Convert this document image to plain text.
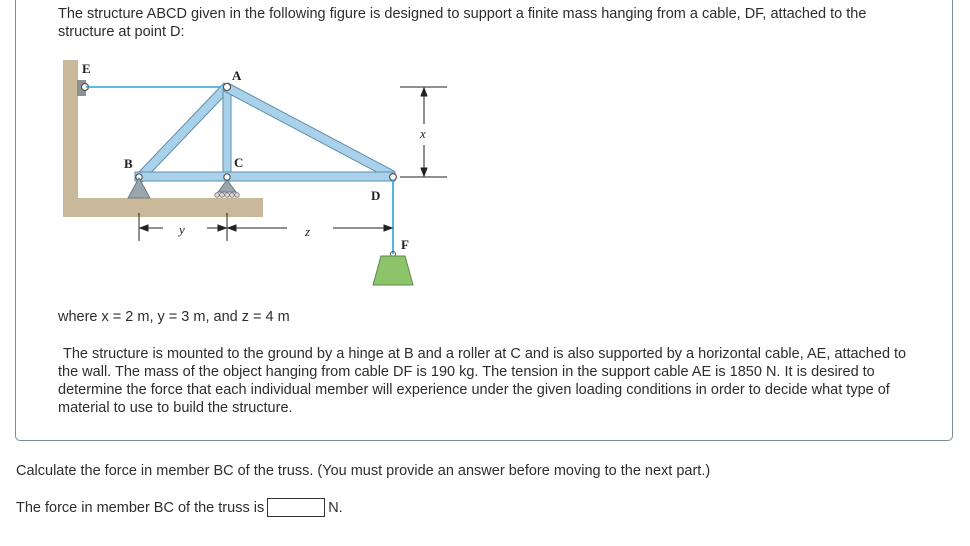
The structure ABCD given in the following figure is designed to support a finite mass hanging from a cable, DF, attached to the structure at point D:

E	A
B	C
D
F
x
y	z

where x = 2 m, y = 3 m, and z = 4 m

The structure is mounted to the ground by a hinge at B and a roller at C and is also supported by a horizontal cable, AE, attached to the wall. The mass of the object hanging from cable DF is 190 kg. The tension in the support cable AE is 1850 N. It is desired to determine the force that each individual member will experience under the given loading conditions in order to decide what type of material to use to build the structure.

Calculate the force in member BC of the truss. (You must provide an answer before moving to the next part.)

The force in member BC of the truss is	N.
